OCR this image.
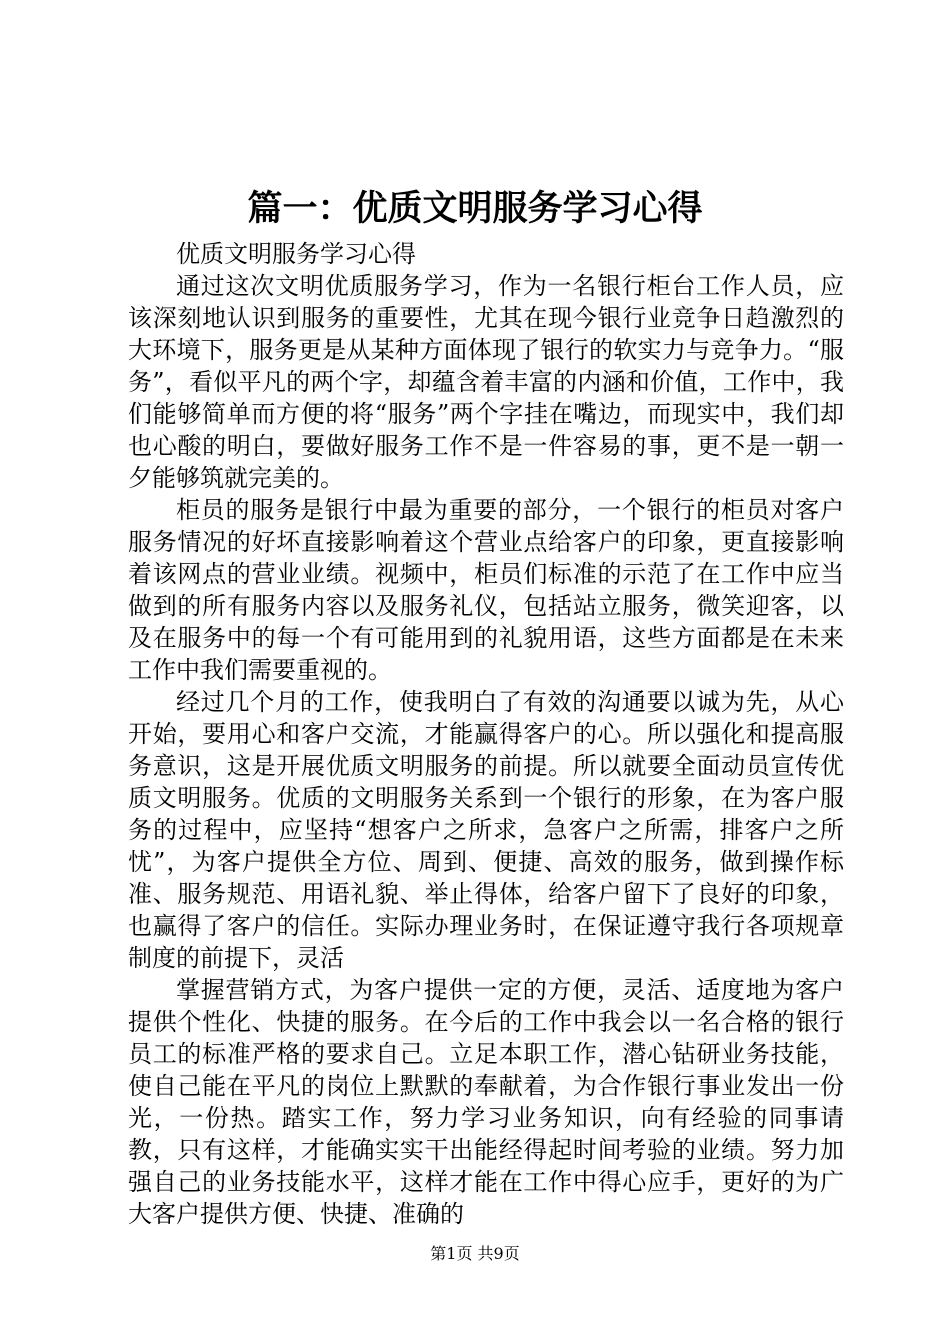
篇一：优质文明服务学习心得
优质文明服务学习心得

通过这次文明优质服务学习，作为一名银行柜台工作人员，应该深刻地认识到服务的重要性，尤其在现今银行业竞争日趋激烈的大环境下，服务更是从某种方面体现了银行的软实力与竞争力。“服务”，看似平凡的两个字，却蕴含着丰富的内涵和价值，工作中，我们能够简单而方便的将“服务”两个字挂在嘴边，而现实中，我们却也心酸的明白，要做好服务工作不是一件容易的事，更不是一朝一夕能够筑就完美的。

柜员的服务是银行中最为重要的部分，一个银行的柜员对客户服务情况的好坏直接影响着这个营业点给客户的印象，更直接影响着该网点的营业业绩。视频中，柜员们标准的示范了在工作中应当做到的所有服务内容以及服务礼仪，包括站立服务，微笑迎客，以及在服务中的每一个有可能用到的礼貌用语，这些方面都是在未来工作中我们需要重视的。

经过几个月的工作，使我明白了有效的沟通要以诚为先，从心开始，要用心和客户交流，才能赢得客户的心。所以强化和提高服务意识，这是开展优质文明服务的前提。所以就要全面动员宣传优质文明服务。优质的文明服务关系到一个银行的形象，在为客户服务的过程中，应坚持“想客户之所求，急客户之所需，排客户之所忧”，为客户提供全方位、周到、便捷、高效的服务，做到操作标准、服务规范、用语礼貌、举止得体，给客户留下了良好的印象，也赢得了客户的信任。实际办理业务时，在保证遵守我行各项规章制度的前提下，灵活

掌握营销方式，为客户提供一定的方便，灵活、适度地为客户提供个性化、快捷的服务。在今后的工作中我会以一名合格的银行员工的标准严格的要求自己。立足本职工作，潜心钻研业务技能，使自己能在平凡的岗位上默默的奉献着，为合作银行事业发出一份光，一份热。踏实工作，努力学习业务知识，向有经验的同事请教，只有这样，才能确实实干出能经得起时间考验的业绩。努力加强自己的业务技能水平，这样才能在工作中得心应手，更好的为广大客户提供方便、快捷、准确的

第1页 共9页
